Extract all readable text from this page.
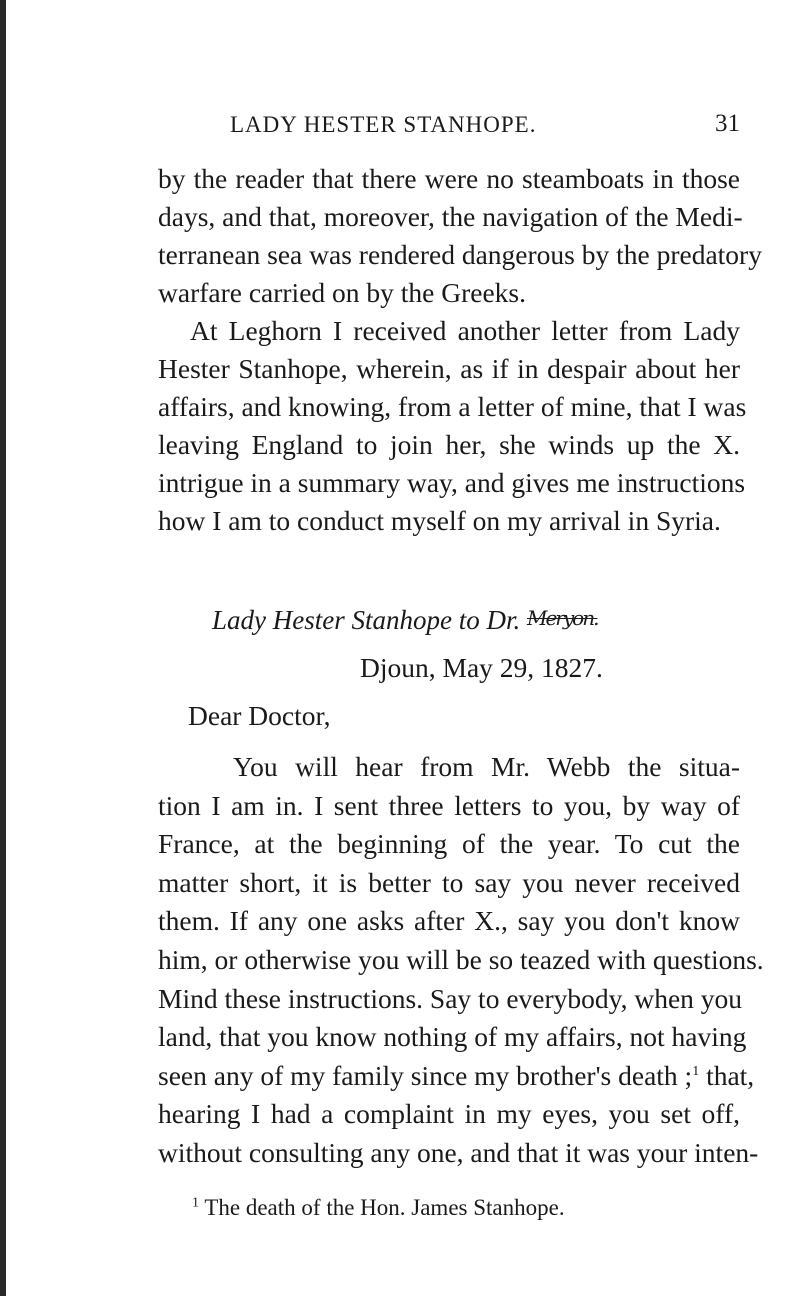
LADY HESTER STANHOPE.	31

by the reader that there were no steamboats in those
days, and that, moreover, the navigation of the Medi-
terranean sea was rendered dangerous by the predatory
warfare carried on by the Greeks.

At Leghorn I received another letter from Lady
Hester Stanhope, wherein, as if in despair about her
affairs, and knowing, from a letter of mine, that I was
leaving England to join her, she winds up the X.
intrigue in a summary way, and gives me instructions
how I am to conduct myself on my arrival in Syria.

Lady Hester Stanhope to Dr. Meryon.
Djoun, May 29, 1827.
Dear Doctor,
You will hear from Mr. Webb the situa-
tion I am in. I sent three letters to you, by way of
France, at the beginning of the year. To cut the
matter short, it is better to say you never received
them. If any one asks after X., say you don't know
him, or otherwise you will be so teazed with questions.
Mind these instructions. Say to everybody, when you
land, that you know nothing of my affairs, not having
seen any of my family since my brother's death ;$^1$ that,
hearing I had a complaint in my eyes, you set off,
without consulting any one, and that it was your inten-
$^1$ The death of the Hon. James Stanhope.
